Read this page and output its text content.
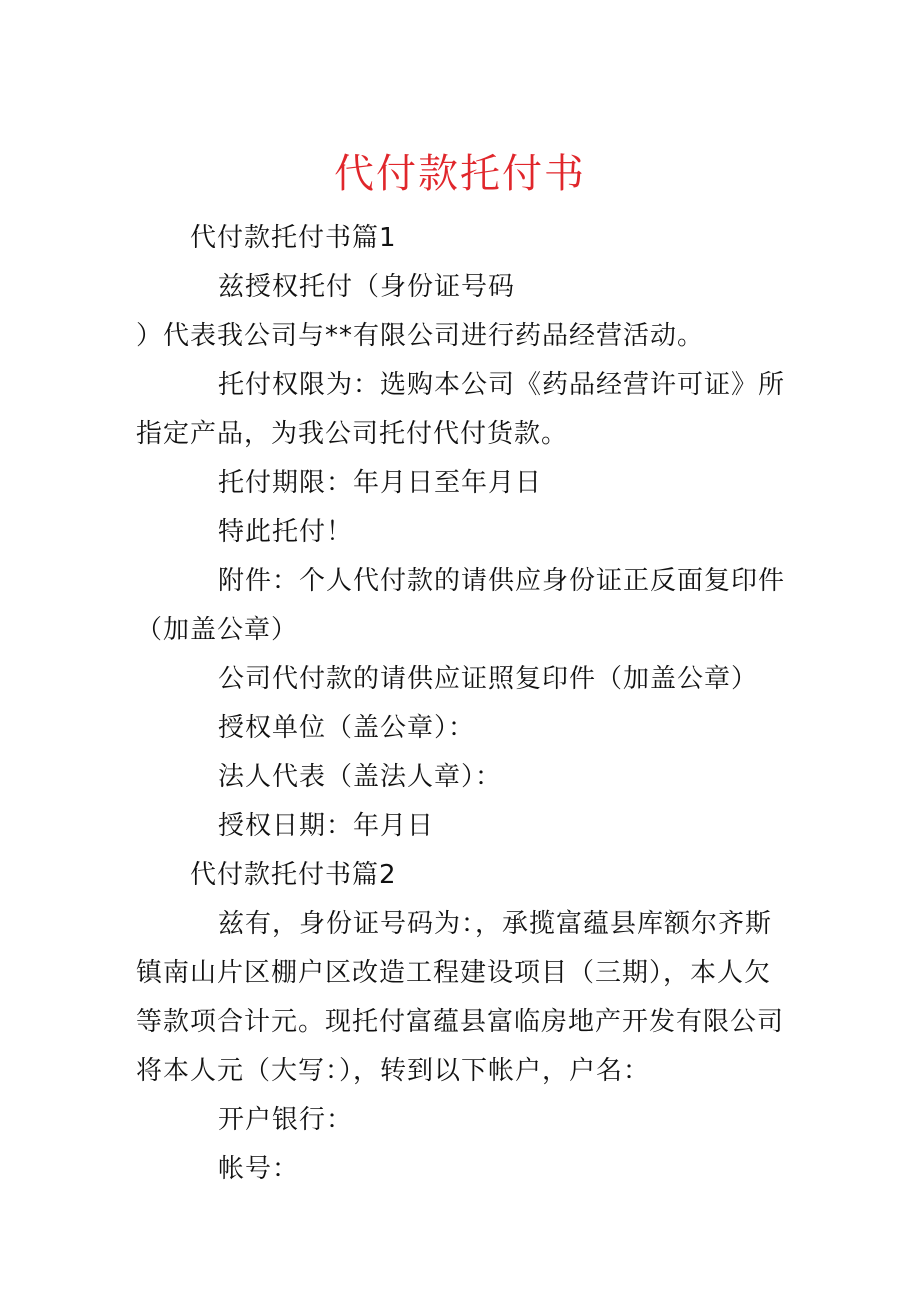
代付款托付书

代付款托付书篇1

兹授权托付（身份证号码

）代表我公司与**有限公司进行药品经营活动。

托付权限为：选购本公司《药品经营许可证》所指定产品，为我公司托付代付货款。

托付期限：年月日至年月日

特此托付！

附件：个人代付款的请供应身份证正反面复印件（加盖公章）

公司代付款的请供应证照复印件（加盖公章）

授权单位（盖公章）：

法人代表（盖法人章）：

授权日期：年月日

代付款托付书篇2

兹有，身份证号码为：，承揽富蕴县库额尔齐斯镇南山片区棚户区改造工程建设项目（三期），本人欠等款项合计元。现托付富蕴县富临房地产开发有限公司将本人元（大写：），转到以下帐户，户名：

开户银行：

帐号：
